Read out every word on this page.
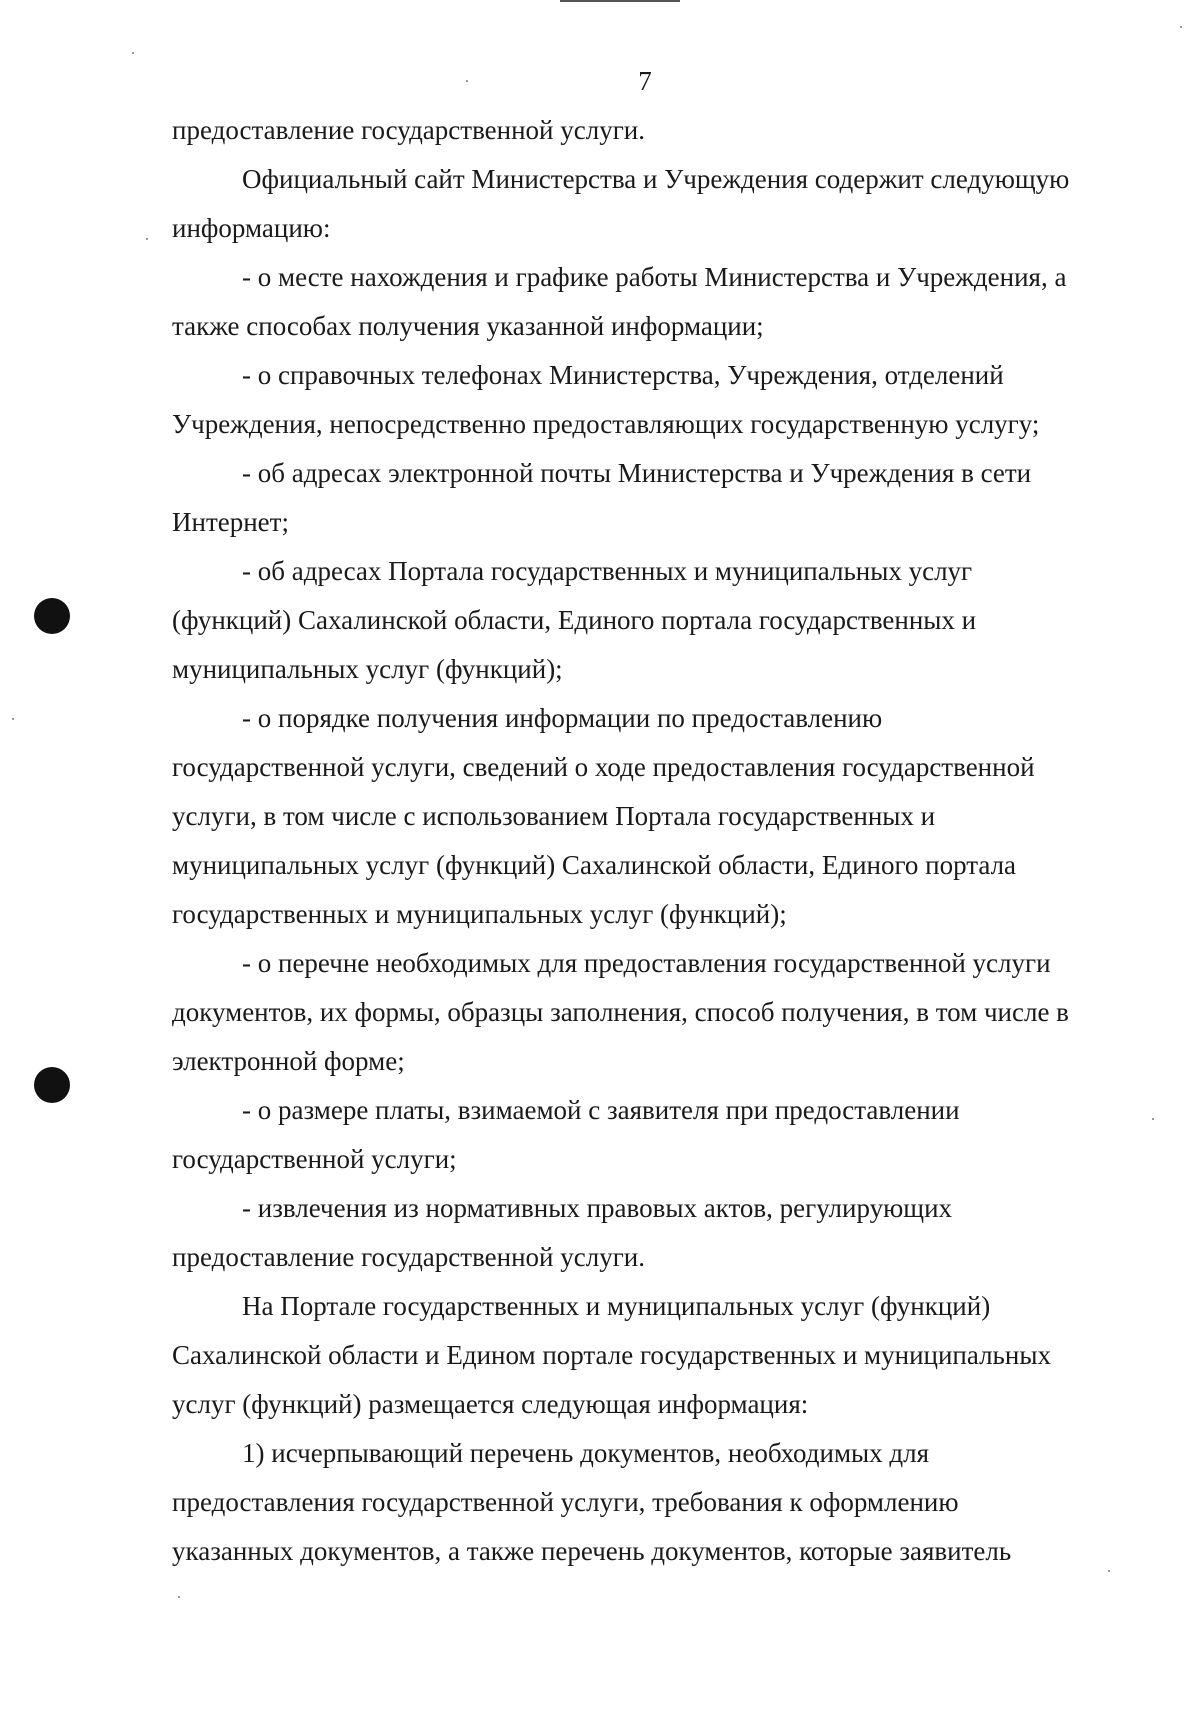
7

предоставление государственной услуги.

Официальный сайт Министерства и Учреждения содержит следующую
информацию:

- о месте нахождения и графике работы Министерства и Учреждения, а
также способах получения указанной информации;

- о справочных телефонах Министерства, Учреждения, отделений
Учреждения, непосредственно предоставляющих государственную услугу;

- об адресах электронной почты Министерства и Учреждения в сети
Интернет;

- об адресах Портала государственных и муниципальных услуг
(функций) Сахалинской области, Единого портала государственных и
муниципальных услуг (функций);

- о порядке получения информации по предоставлению
государственной услуги, сведений о ходе предоставления государственной
услуги, в том числе с использованием Портала государственных и
муниципальных услуг (функций) Сахалинской области, Единого портала
государственных и муниципальных услуг (функций);

- о перечне необходимых для предоставления государственной услуги
документов, их формы, образцы заполнения, способ получения, в том числе в
электронной форме;

- о размере платы, взимаемой с заявителя при предоставлении
государственной услуги;

- извлечения из нормативных правовых актов, регулирующих
предоставление государственной услуги.

На Портале государственных и муниципальных услуг (функций)
Сахалинской области и Едином портале государственных и муниципальных
услуг (функций) размещается следующая информация:

1) исчерпывающий перечень документов, необходимых для
предоставления государственной услуги, требования к оформлению
указанных документов, а также перечень документов, которые заявитель
